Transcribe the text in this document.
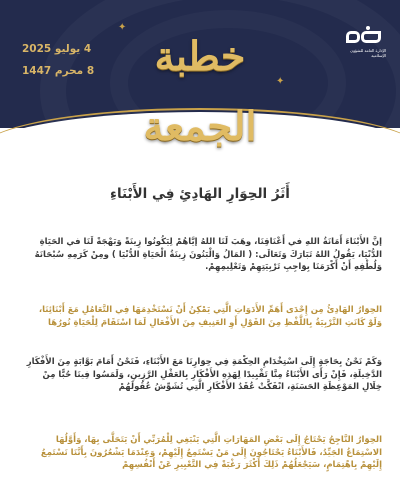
4 يوليو 2025
8 محرم 1447
✦
خطبة الجمعة
✦
الإدارة العامة للشؤون الإسلامية
أَثَرُ الحِوَارِ الهَادِئِ فِي الأَبْنَاءِ

إنَّ الأَبْنَاءَ أَمَانَةُ اللهِ في أَعْنَاقِنَا، وهَبَ لَنَا اللهُ إيَّاهُمْ لِيَكُونُوا زِينَةً وَبَهْجَةً لَنَا في الحَيَاةِ الدُّنْيَا، يَقُولُ اللهُ تَبَارَكَ وَتَعَالَى: ( المَالُ وَالْبَنُونَ زِينَةُ الْحَيَاةِ الدُّنْيَا ) ومِنْ كَرَمِهِ سُبْحَانَهُ وَلُطْفِهِ أَنْ أَكْرَمَنَا بِوَاجِبِ تَرْبِيَتِهِمْ وَتَعْلِيمِهِمْ.

الحِوَارُ الهَادِئُ مِن إِحْدَى أَهَمِّ الأَدَوَاتِ الَّتِي يَمْكِنُ أَنْ نَسْتَخْدِمَهَا فِي التَّعَامُلِ مَعَ أَبْنَائِنَا، وَلَوْ كَانَتِ التَّرْبِيَةُ بِاللَّفْظِ مِنَ القَوْلِ أَوِ العَنِيفِ مِنَ الأَفْعَالِ لَمَا اسْتَقَامَ لِلْحَيَاةِ نُورُهَا

وَكَمْ نَحْنُ بِحَاجَةٍ إِلَى اسْتِخْدَامِ الحِكْمَةِ فِي حِوَارِنَا مَعَ الأَبْنَاءِ، فَنَحْنُ أَمَامَ بَوَّابَةٍ مِنَ الأَفْكَارِ الدَّخِيلَةِ، فَإِنْ رَأَى الأَبْنَاءُ مِنَّا تَقْيِيدًا لِهَذِهِ الأَفْكَارِ بِالعَقْلِ الرَّزِينِ، وَلَمَسُوا فِينَا حُبًّا مِنْ خِلَالِ المَوْعِظَةِ الحَسَنَةِ، انْفَكَّتْ عُقَدُ الأَفْكَارِ الَّتِي تُشَوِّشُ عُقُولَهُمْ

الحِوَارُ النَّاجِحُ يَحْتَاجُ إِلَى بَعْضِ المَهَارَاتِ الَّتِي يَنْبَغِي لِلْمُرَبِّي أَنْ يَتَحَلَّى بِهَا، وَأَوَّلُهَا الاسْتِمَاعُ الجَيِّدُ، فَالأَبْنَاءُ يَحْتَاجُونَ إِلَى مَنْ يَسْتَمِعُ إِلَيْهِمْ، وَعِنْدَمَا يَشْعُرُونَ بِأَنَّنَا نَسْتَمِعُ إِلَيْهِمْ بِاهْتِمَامٍ، سَيَجْعَلُهُمْ ذَلِكَ أَكْثَرَ رَغْبَةً فِي التَّعْبِيرِ عَنْ أَنْفُسِهِمْ
